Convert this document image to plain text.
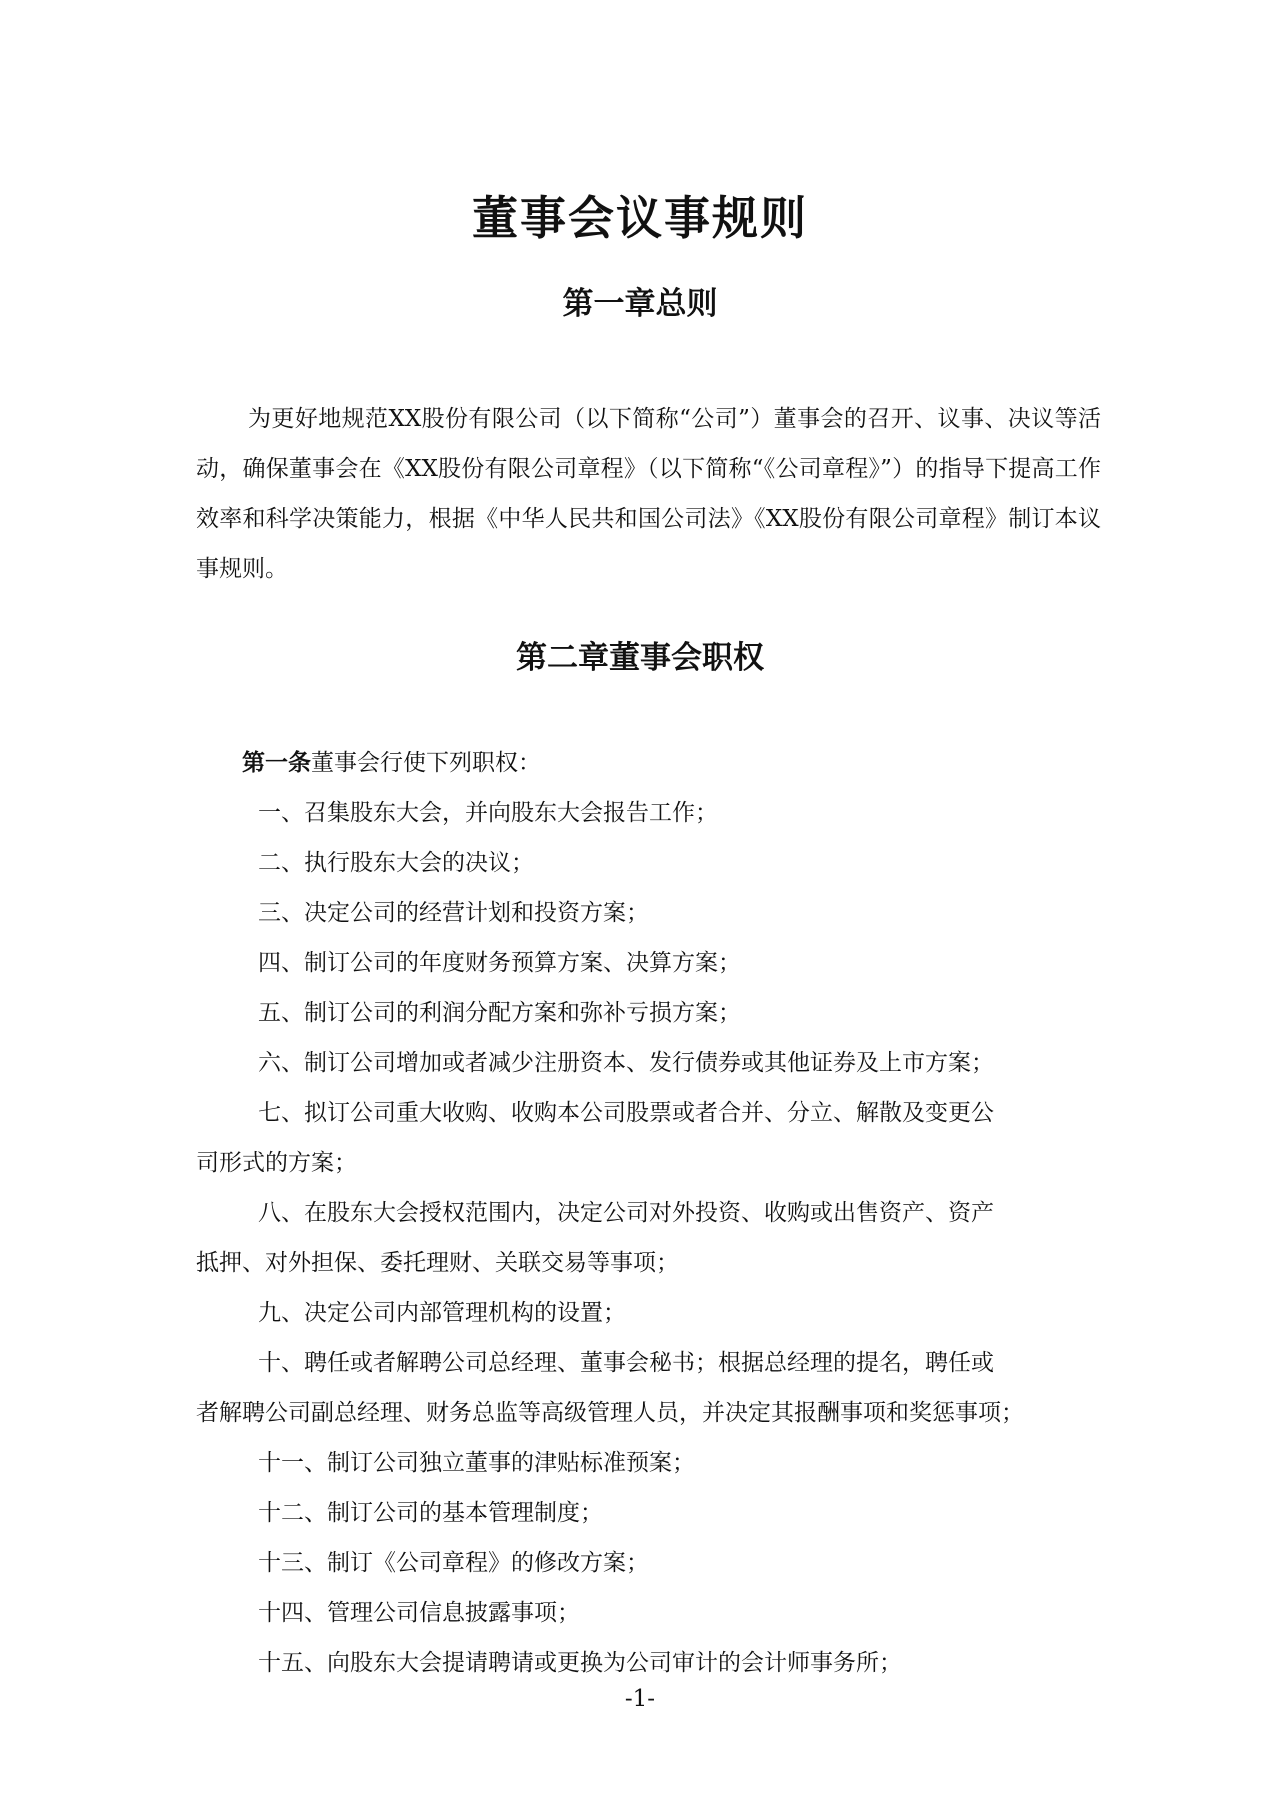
董事会议事规则
第一章总则

为更好地规范XX股份有限公司（以下简称“公司”）董事会的召开、议事、决议等活动，确保董事会在《XX股份有限公司章程》（以下简称“《公司章程》”）的指导下提高工作效率和科学决策能力，根据《中华人民共和国公司法》《XX股份有限公司章程》制订本议事规则。

第二章董事会职权

第一条董事会行使下列职权：

一、召集股东大会，并向股东大会报告工作；

二、执行股东大会的决议；

三、决定公司的经营计划和投资方案；

四、制订公司的年度财务预算方案、决算方案；

五、制订公司的利润分配方案和弥补亏损方案；

六、制订公司增加或者减少注册资本、发行债券或其他证券及上市方案；

七、拟订公司重大收购、收购本公司股票或者合并、分立、解散及变更公
司形式的方案；

八、在股东大会授权范围内，决定公司对外投资、收购或出售资产、资产
抵押、对外担保、委托理财、关联交易等事项；

九、决定公司内部管理机构的设置；

十、聘任或者解聘公司总经理、董事会秘书；根据总经理的提名，聘任或
者解聘公司副总经理、财务总监等高级管理人员，并决定其报酬事项和奖惩事项；

十一、制订公司独立董事的津贴标准预案；

十二、制订公司的基本管理制度；

十三、制订《公司章程》的修改方案；

十四、管理公司信息披露事项；

十五、向股东大会提请聘请或更换为公司审计的会计师事务所；

-1-
